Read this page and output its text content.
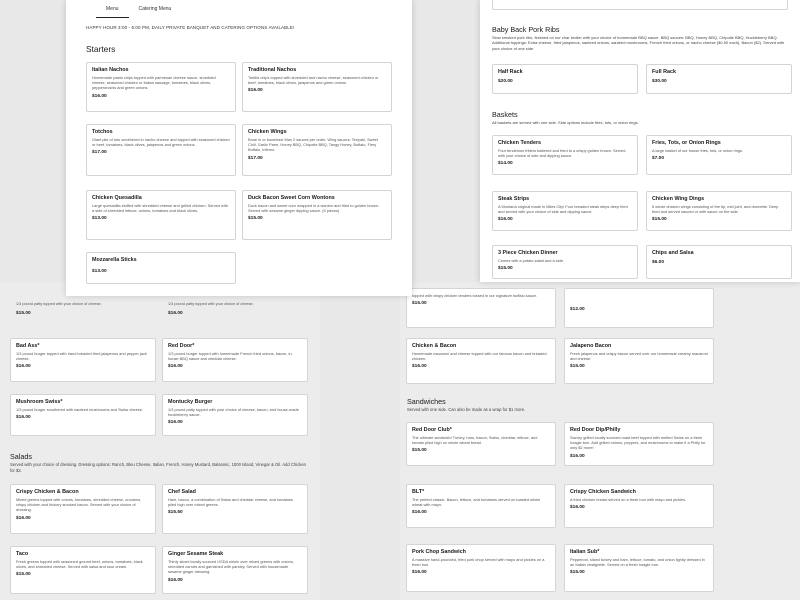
1/3 pound patty topped with your choice of cheese.
$15.00
1/3 pound patty topped with your choice of cheese.
$16.00
Bad Ass*
1/3 pound burger topped with hand breaded fried jalapenos and pepper jack cheese.
$16.00
Red Door*
1/3 pound burger topped with homemade French fried onions, bacon, in-house BBQ sauce and cheddar cheese.
$16.00
Mushroom Swiss*
1/3 pound burger smothered with sauteed mushrooms and Swiss cheese.
$16.00
Montucky Burger
1/3 pound patty topped with your choice of cheese, bacon, and house-made huckleberry sauce.
$16.00
Salads
Served with your choice of dressing. Dressing options: Ranch, Bleu Cheese, Italian, French, Honey Mustard, Balsamic, 1000 Island, Vinegar & Oil. Add Chicken for $2.
Crispy Chicken & Bacon
Mixed greens topped with onions, tomatoes, shredded cheese, croutons, crispy chicken and hickory smoked bacon. Served with your choice of dressing.
$16.00
Chef Salad
Ham, bacon, a combination of Swiss and cheddar cheese, and tomatoes piled high over mixed greens.
$15.50
Taco
Fresh greens topped with seasoned ground beef, onions, tomatoes, black olives, and shredded cheese. Served with salsa and sour cream.
$15.00
Ginger Sesame Steak
Thinly sliced locally sourced USDA sirloin over mixed greens with onions, shredded carrots and garnished with parsley. Served with housemade sesame ginger dressing.
$16.00
topped with crispy chicken tenders tossed in our signature buffalo sauce.
$15.00
$12.00
Chicken & Bacon
Homemade macaroni and cheese topped with our famous bacon and breaded chicken.
$16.00
Jalapeno Bacon
Fresh jalapenos and crispy bacon served over our homemade creamy macaroni and cheese.
$15.00
Sandwiches
Served with one side. Can also be made as a wrap for $1 more.
Red Door Club*
The ultimate sandwich! Turkey, ham, bacon, Swiss, cheddar, lettuce, and tomato piled high on whole wheat bread.
$15.00
Red Door Dip/Philly
Savory grilled locally sourced roast beef topped with melted Swiss on a fresh hoagie bun. Add grilled onions, peppers, and mushrooms to make it a Philly for only $2 more!
$16.00
BLT*
The perfect classic. Bacon, lettuce, and tomatoes served on toasted whole wheat with mayo.
$16.00
Crispy Chicken Sandwich
A fried chicken breast served on a fresh bun with mayo and pickles.
$16.00
Pork Chop Sandwich
A massive hand-pounded, fried pork chop served with mayo and pickles on a fresh bun.
$16.00
Italian Sub*
Pepperoni, sliced turkey and ham, lettuce, tomato, and onion lightly dressed in an Italian vinaigrette. Served on a fresh hoagie bun.
$15.00
Menu	Catering Menu
HAPPY HOUR 3:00 - 6:00 PM, DAILY PRIVATE BANQUET AND CATERING OPTIONS AVAILABLE!
Starters
Italian Nachos
Homemade pasta chips topped with parmesan cheese sauce, shredded cheese, seasoned chicken or Italian sausage, tomatoes, black olives, pepperoncinis and green onions.
$16.00
Traditional Nachos
Tortilla chips topped with shredded and nacho cheese, seasoned chicken or beef, tomatoes, black olives, jalapenos and green onions.
$16.00
Totchos
Giant pile of tots smothered in nacho cheese and topped with seasoned chicken or beef, tomatoes, black olives, jalapenos and green onions.
$17.00
Chicken Wings
Bone in or boneless! Max 2 sauces per order. Wing sauces: Teriyaki, Sweet Chili, Garlic Parm, Honey BBQ, Chipotle BBQ, Tangy Honey, Buffalo, Fiery Buffalo, Inferno.
$17.00
Chicken Quesadilla
Large quesadilla stuffed with shredded cheese and grilled chicken. Served with a side of shredded lettuce, onions, tomatoes and black olives.
$13.00
Duck Bacon Sweet Corn Wontons
Duck bacon and sweet corn wrapped in a wonton and fried to golden brown. Served with sesame ginger dipping sauce. (5 pieces)
$15.00
Mozzarella Sticks
$13.00
Baby Back Pork Ribs
Slow smoked pork ribs, finished on our char broiler with your choice of homemade BBQ sauce. BBQ sauces: BBQ, Honey BBQ, Chipotle BBQ, Huckleberry BBQ. Additional toppings: Extra cheese, fried jalapenos, sauteed onions, sauteed mushrooms, French fried onions, or nacho cheese ($0.50 each), Bacon ($2). Served with your choice of one side.
Half Rack
$20.00
Full Rack
$30.00
Baskets
All baskets are served with one side. Side options include fries, tots, or onion rings.
Chicken Tenders
Four tenderloin fritters battered and fried to a crispy golden brown. Served with your choice of side and dipping sauce.
$14.00
Fries, Tots, or Onion Rings
A large basket of our house fries, tots, or onion rings.
$7.00
Steak Strips
A Montana original made in Miles City! Four breaded steak strips deep fried and served with your choice of side and dipping sauce.
$16.00
Chicken Wing Dings
5 whole chicken wings consisting of the tip, mid joint, and drumette. Deep fried and served sauced or with sauce on the side.
$15.00
3 Piece Chicken Dinner
Comes with a potato salad and a side.
$15.00
Chips and Salsa
$6.00
